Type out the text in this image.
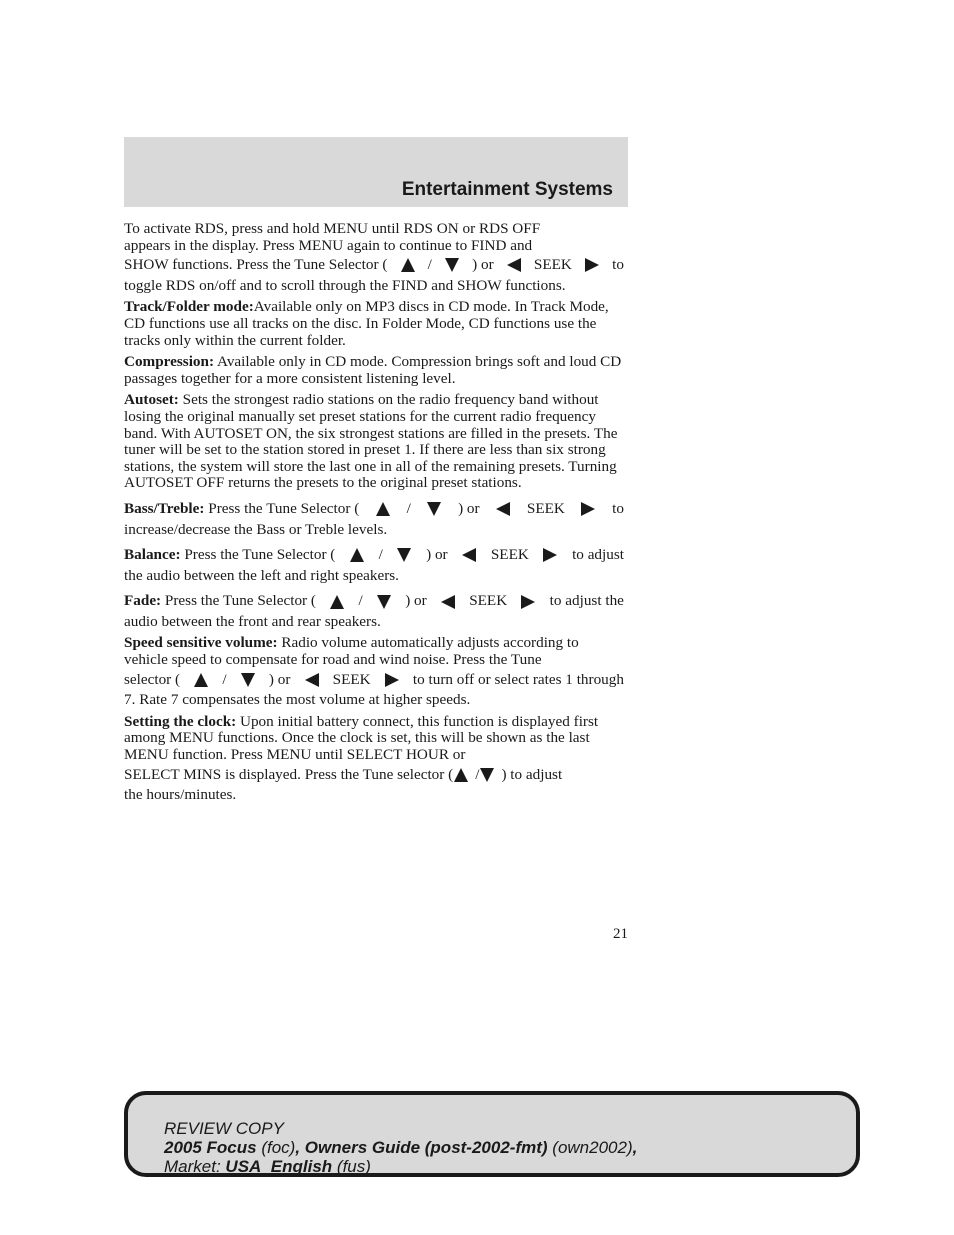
Entertainment Systems
To activate RDS, press and hold MENU until RDS ON or RDS OFF
appears in the display. Press MENU again to continue to FIND and
SHOW functions. Press the Tune Selector (	/	) or	SEEK	to

toggle RDS on/off and to scroll through the FIND and SHOW functions.

Track/Folder mode:Available only on MP3 discs in CD mode. In Track Mode, CD functions use all tracks on the disc. In Folder Mode, CD functions use the tracks only within the current folder.

Compression: Available only in CD mode. Compression brings soft and loud CD passages together for a more consistent listening level.

Autoset: Sets the strongest radio stations on the radio frequency band without losing the original manually set preset stations for the current radio frequency band. With AUTOSET ON, the six strongest stations are filled in the presets. The tuner will be set to the station stored in preset 1. If there are less than six strong stations, the system will store the last one in all of the remaining presets. Turning AUTOSET OFF returns the presets to the original preset stations.

Bass/Treble: Press the Tune Selector (	/	) or	SEEK	to

increase/decrease the Bass or Treble levels.

Balance: Press the Tune Selector (	/	) or	SEEK	to adjust

the audio between the left and right speakers.

Fade: Press the Tune Selector (	/	) or	SEEK	to adjust the

audio between the front and rear speakers.

Speed sensitive volume: Radio volume automatically adjusts according to vehicle speed to compensate for road and wind noise. Press the Tune
selector (	/	) or	SEEK	to turn off or select rates 1 through

7. Rate 7 compensates the most volume at higher speeds.

Setting the clock: Upon initial battery connect, this function is displayed first among MENU functions. Once the clock is set, this will be shown as the last MENU function. Press MENU until SELECT HOUR or
SELECT MINS is displayed. Press the Tune selector ( / ) to adjust

the hours/minutes.

21
REVIEW COPY
2005 Focus (foc), Owners Guide (post-2002-fmt) (own2002),
Market: USA_English (fus)
